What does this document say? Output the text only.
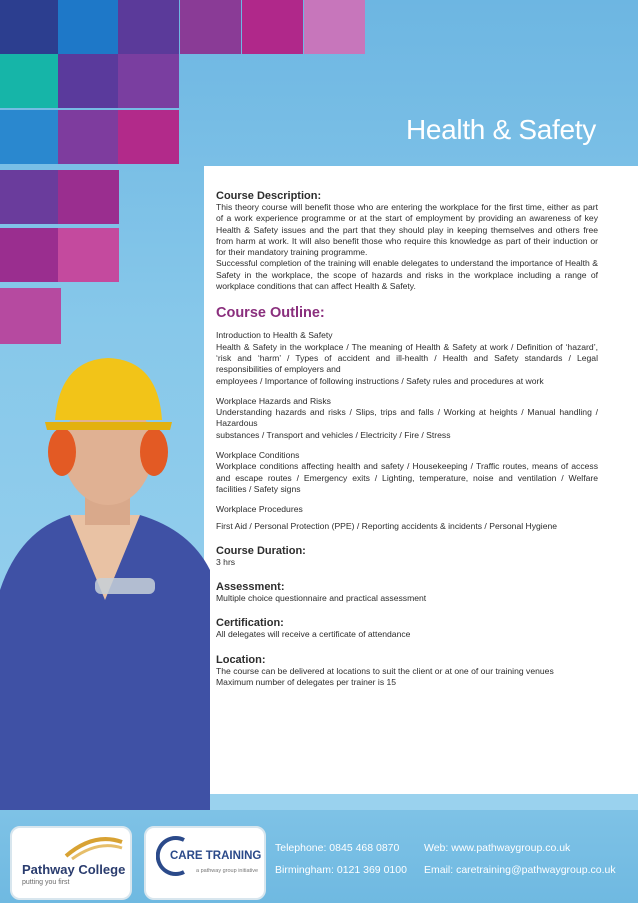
Health & Safety

Course Description:

This theory course will benefit those who are entering the workplace for the first time, either as part of a work experience programme or at the start of employment by providing an awareness of key Health & Safety issues and the part that they should play in keeping themselves and others free from harm at work. It will also benefit those who require this knowledge as part of their induction or for their mandatory training programme.

Successful completion of the training will enable delegates to understand the importance of Health & Safety in the workplace, the scope of hazards and risks in the workplace including a range of workplace conditions that can affect Health & Safety.

Course Outline:

Introduction to Health & Safety

Health & Safety in the workplace / The meaning of Health & Safety at work / Definition of ‘hazard’, ‘risk and ‘harm’ / Types of accident and ill-health / Health and Safety standards / Legal responsibilities of employers and

employees / Importance of following instructions / Safety rules and procedures at work

Workplace Hazards and Risks

Understanding hazards and risks / Slips, trips and falls / Working at heights / Manual handling / Hazardous

substances / Transport and vehicles / Electricity / Fire / Stress

Workplace Conditions

Workplace conditions affecting health and safety / Housekeeping / Traffic routes, means of access and escape routes / Emergency exits / Lighting, temperature, noise and ventilation / Welfare facilities / Safety signs

Workplace Procedures

First Aid / Personal Protection (PPE) / Reporting accidents & incidents / Personal Hygiene

Course Duration:

3 hrs

Assessment:

Multiple choice questionnaire and practical assessment

Certification:

All delegates will receive a certificate of attendance

Location:

The course can be delivered at locations to suit the client or at one of our training venues

Maximum number of delegates per trainer is 15

Pathway College
putting you first
CARE TRAINING
a pathway group initiative
Telephone: 0845 468 0870
Birmingham: 0121 369 0100
Web: www.pathwaygroup.co.uk
Email: caretraining@pathwaygroup.co.uk
